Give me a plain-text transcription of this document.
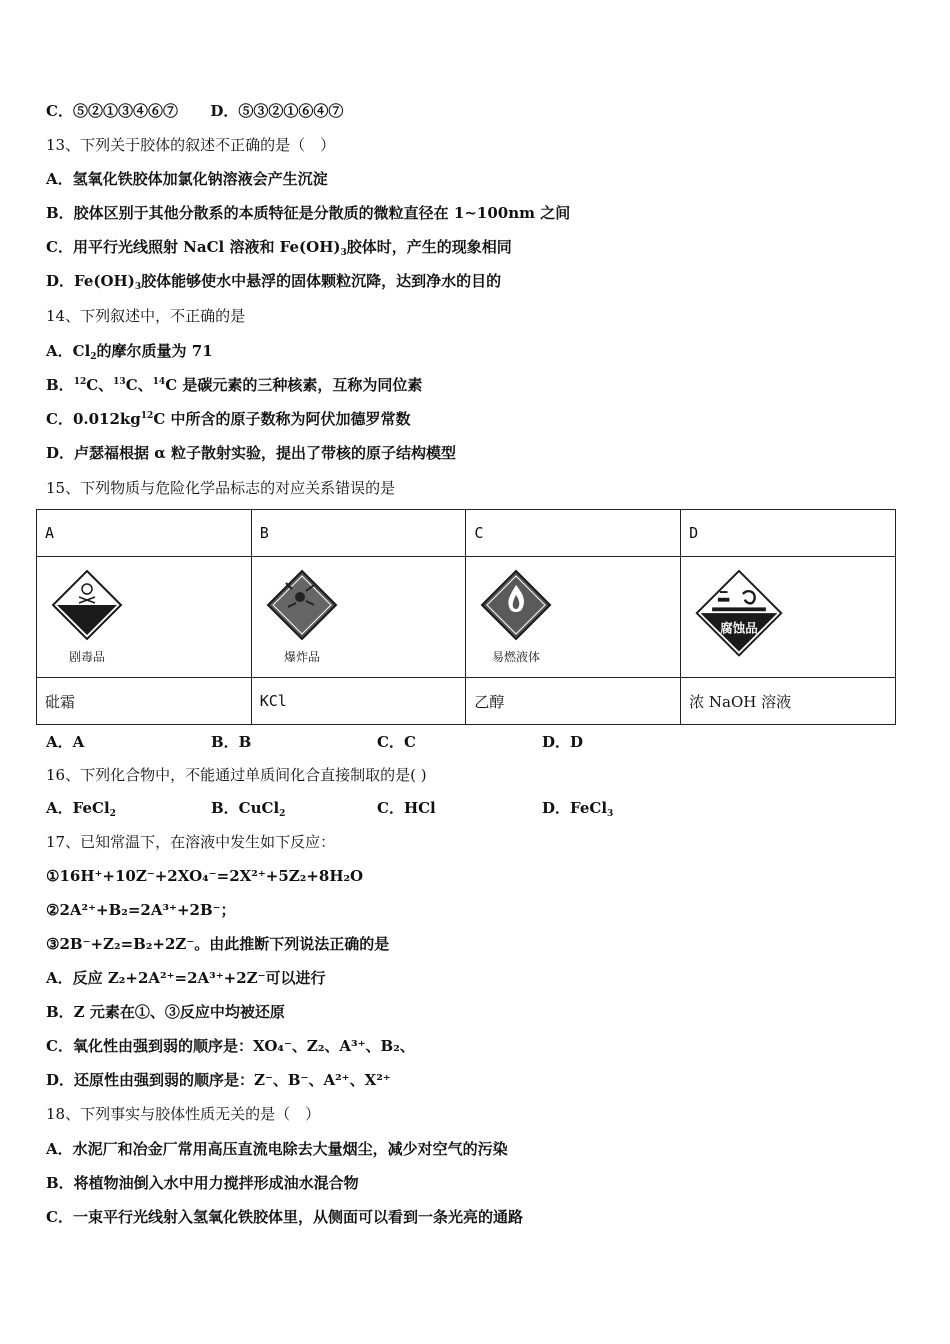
C．⑤②①③④⑥⑦ D．⑤③②①⑥④⑦
13、下列关于胶体的叙述不正确的是（　）
A．氢氧化铁胶体加氯化钠溶液会产生沉淀
B．胶体区别于其他分散系的本质特征是分散质的微粒直径在 1~100nm 之间
C．用平行光线照射 NaCl 溶液和 $Fe(OH)_3$胶体时，产生的现象相同
D．$Fe(OH)_3$胶体能够使水中悬浮的固体颗粒沉降，达到净水的目的
14、下列叙述中，不正确的是
A．$Cl_2$的摩尔质量为 71
B．$^{12}$C、$^{13}$C、$^{14}$C 是碳元素的三种核素，互称为同位素
C．$0.012kg^{12}C$ 中所含的原子数称为阿伏加德罗常数
D．卢瑟福根据 α 粒子散射实验，提出了带核的原子结构模型
15、下列物质与危险化学品标志的对应关系错误的是
A	B	C	D

剧毒品	爆炸品	易燃液体	腐蚀品

砒霜	KCl	乙醇	浓 NaOH 溶液
A．A	B．B	C．C	D．D
16、下列化合物中，不能通过单质间化合直接制取的是( )
A．FeCl$_2$	B．CuCl$_2$	C．HCl	D．FeCl$_3$
17、已知常温下，在溶液中发生如下反应：
①16H⁺+10Z⁻+2XO₄⁻=2X²⁺+5Z₂+8H₂O
②2A²⁺+B₂=2A³⁺+2B⁻；
③2B⁻+Z₂=B₂+2Z⁻。由此推断下列说法正确的是
A．反应 Z₂+2A²⁺=2A³⁺+2Z⁻可以进行
B．Z 元素在①、③反应中均被还原
C．氧化性由强到弱的顺序是：XO₄⁻、Z₂、A³⁺、B₂、
D．还原性由强到弱的顺序是：Z⁻、B⁻、A²⁺、X²⁺
18、下列事实与胶体性质无关的是（　）
A．水泥厂和冶金厂常用高压直流电除去大量烟尘，减少对空气的污染
B．将植物油倒入水中用力搅拌形成油水混合物
C．一束平行光线射入氢氧化铁胶体里，从侧面可以看到一条光亮的通路
